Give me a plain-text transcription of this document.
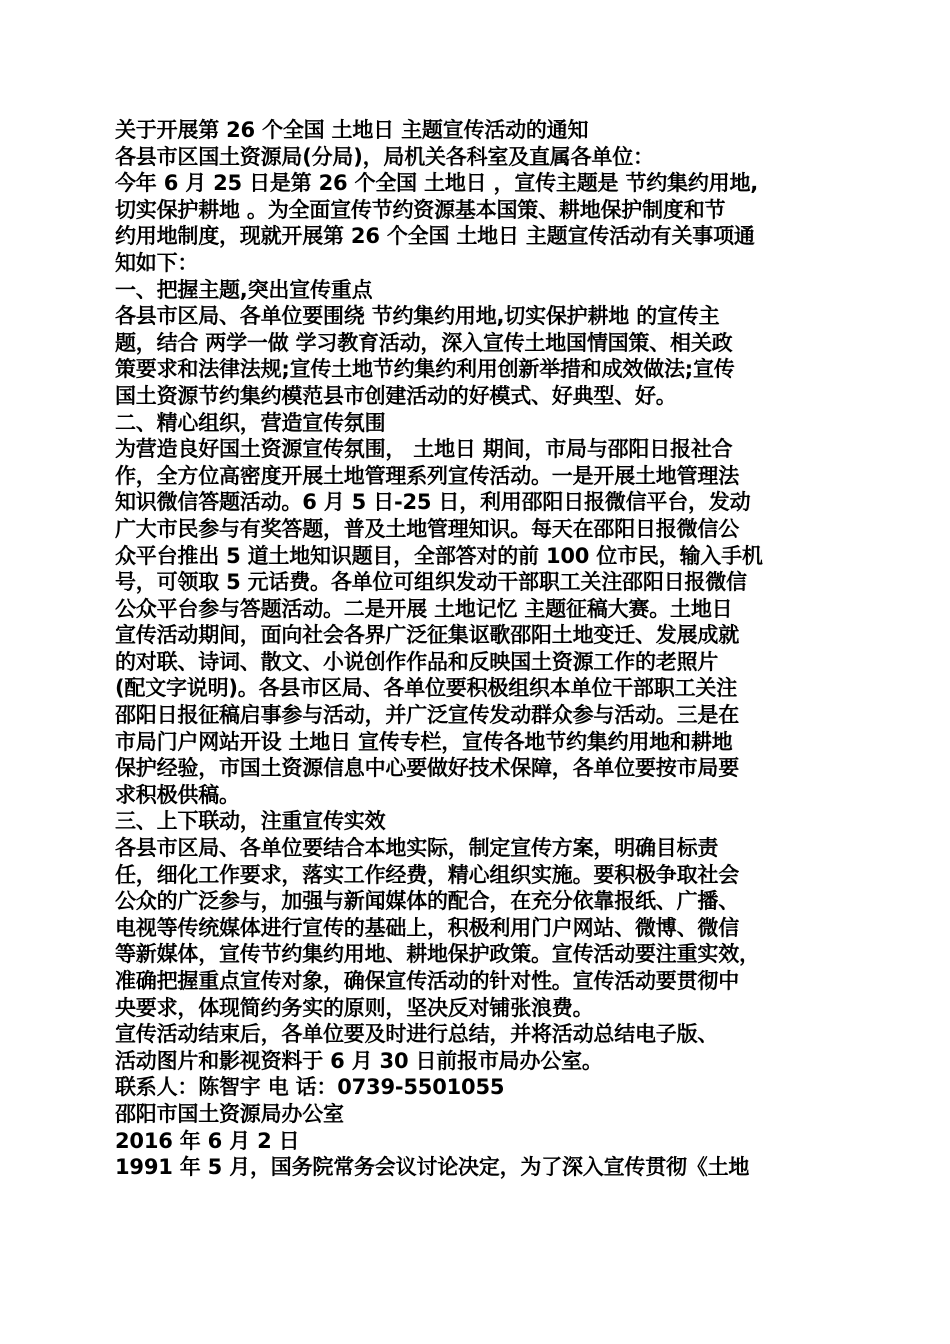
关于开展第 26 个全国 土地日 主题宣传活动的通知
各县市区国土资源局(分局)，局机关各科室及直属各单位：
今年 6 月 25 日是第 26 个全国 土地日 ，宣传主题是 节约集约用地,
切实保护耕地 。为全面宣传节约资源基本国策、耕地保护制度和节
约用地制度，现就开展第 26 个全国 土地日 主题宣传活动有关事项通
知如下：
一、把握主题,突出宣传重点
各县市区局、各单位要围绕 节约集约用地,切实保护耕地 的宣传主
题，结合 两学一做 学习教育活动，深入宣传土地国情国策、相关政
策要求和法律法规;宣传土地节约集约利用创新举措和成效做法;宣传
国土资源节约集约模范县市创建活动的好模式、好典型、好。
二、精心组织，营造宣传氛围
为营造良好国土资源宣传氛围， 土地日 期间，市局与邵阳日报社合
作，全方位高密度开展土地管理系列宣传活动。一是开展土地管理法
知识微信答题活动。6 月 5 日-25 日，利用邵阳日报微信平台，发动
广大市民参与有奖答题，普及土地管理知识。每天在邵阳日报微信公
众平台推出 5 道土地知识题目，全部答对的前 100 位市民，输入手机
号，可领取 5 元话费。各单位可组织发动干部职工关注邵阳日报微信
公众平台参与答题活动。二是开展 土地记忆 主题征稿大赛。土地日
宣传活动期间，面向社会各界广泛征集讴歌邵阳土地变迁、发展成就
的对联、诗词、散文、小说创作作品和反映国土资源工作的老照片
(配文字说明)。各县市区局、各单位要积极组织本单位干部职工关注
邵阳日报征稿启事参与活动，并广泛宣传发动群众参与活动。三是在
市局门户网站开设 土地日 宣传专栏，宣传各地节约集约用地和耕地
保护经验，市国土资源信息中心要做好技术保障，各单位要按市局要
求积极供稿。
三、上下联动，注重宣传实效
各县市区局、各单位要结合本地实际，制定宣传方案，明确目标责
任，细化工作要求，落实工作经费，精心组织实施。要积极争取社会
公众的广泛参与，加强与新闻媒体的配合，在充分依靠报纸、广播、
电视等传统媒体进行宣传的基础上，积极利用门户网站、微博、微信
等新媒体，宣传节约集约用地、耕地保护政策。宣传活动要注重实效，
准确把握重点宣传对象，确保宣传活动的针对性。宣传活动要贯彻中
央要求，体现简约务实的原则，坚决反对铺张浪费。
宣传活动结束后，各单位要及时进行总结，并将活动总结电子版、
活动图片和影视资料于 6 月 30 日前报市局办公室。
联系人：陈智宇 电 话：0739-5501055
邵阳市国土资源局办公室
2016 年 6 月 2 日
1991 年 5 月，国务院常务会议讨论决定，为了深入宣传贯彻《土地
